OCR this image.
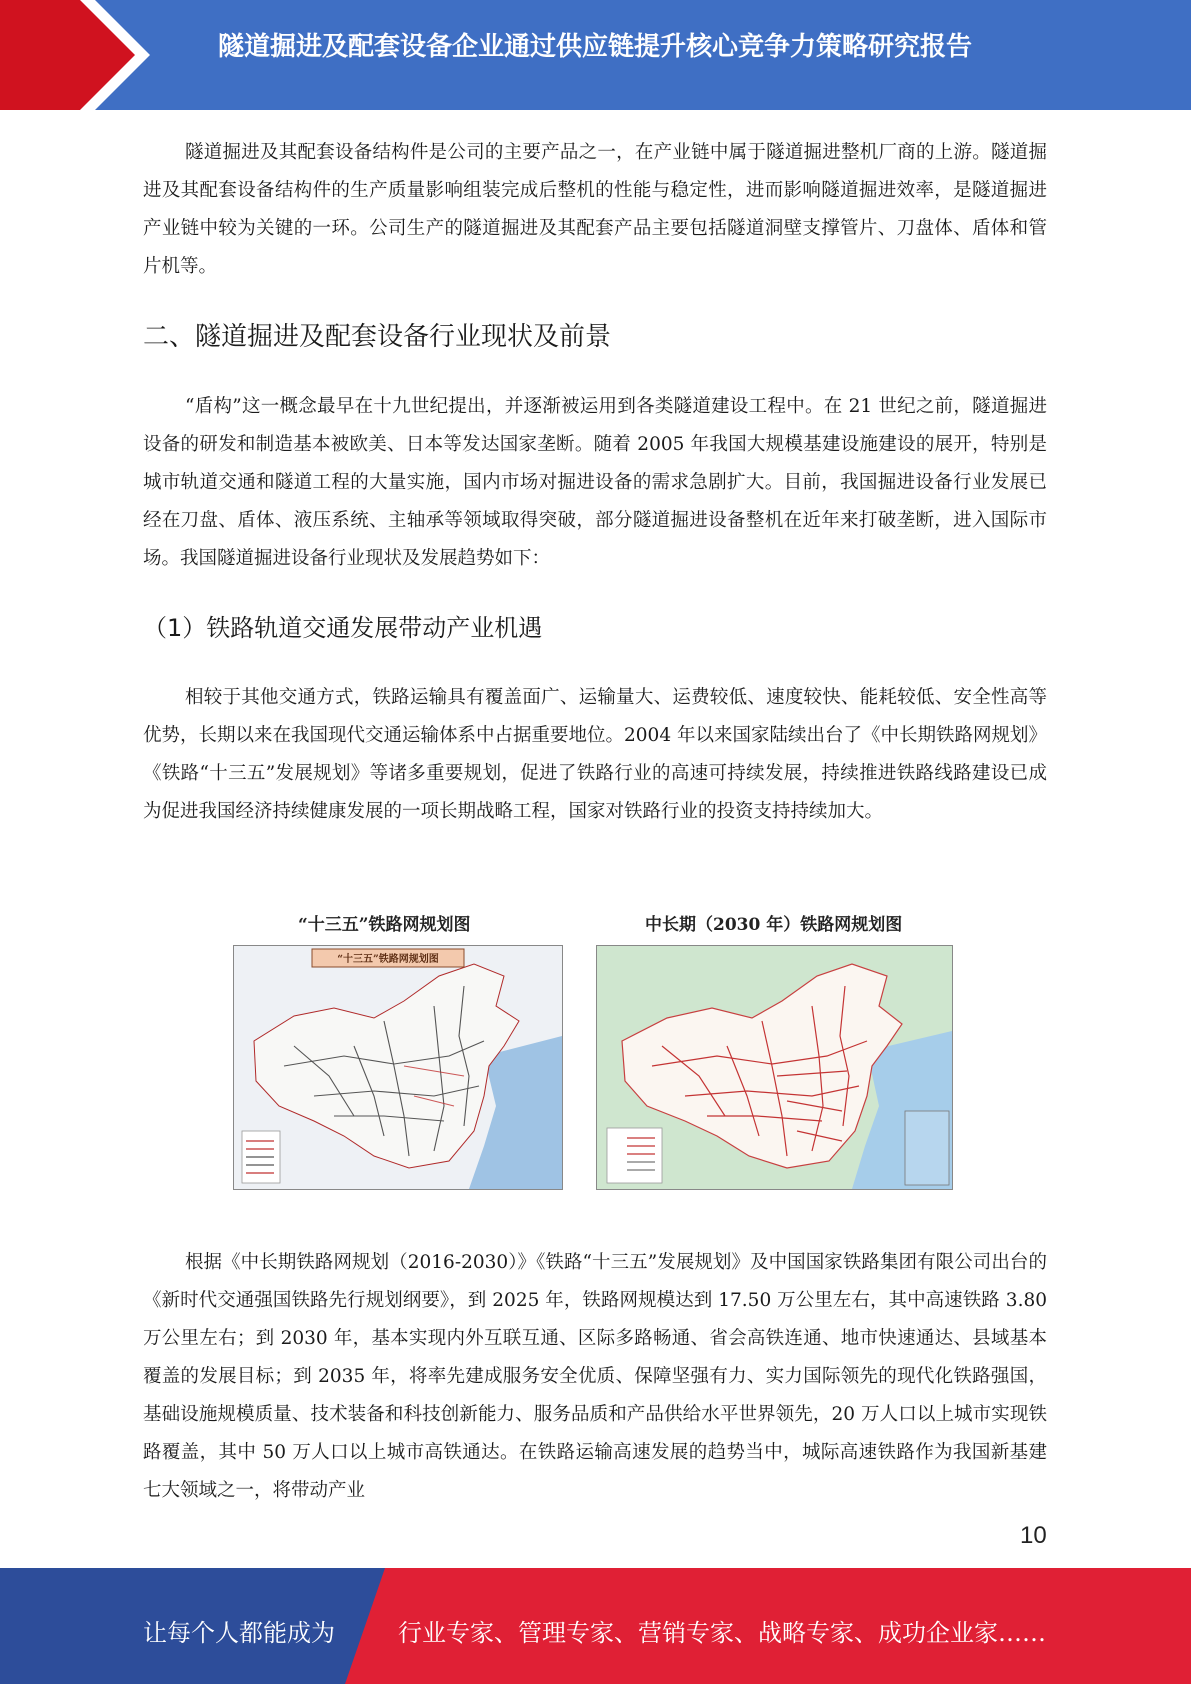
隧道掘进及配套设备企业通过供应链提升核心竞争力策略研究报告

隧道掘进及其配套设备结构件是公司的主要产品之一，在产业链中属于隧道掘进整机厂商的上游。隧道掘进及其配套设备结构件的生产质量影响组装完成后整机的性能与稳定性，进而影响隧道掘进效率，是隧道掘进产业链中较为关键的一环。公司生产的隧道掘进及其配套产品主要包括隧道洞壁支撑管片、刀盘体、盾体和管片机等。

二、隧道掘进及配套设备行业现状及前景

“盾构”这一概念最早在十九世纪提出，并逐渐被运用到各类隧道建设工程中。在 21 世纪之前，隧道掘进设备的研发和制造基本被欧美、日本等发达国家垄断。随着 2005 年我国大规模基建设施建设的展开，特别是城市轨道交通和隧道工程的大量实施，国内市场对掘进设备的需求急剧扩大。目前，我国掘进设备行业发展已经在刀盘、盾体、液压系统、主轴承等领域取得突破，部分隧道掘进设备整机在近年来打破垄断，进入国际市场。我国隧道掘进设备行业现状及发展趋势如下：

（1）铁路轨道交通发展带动产业机遇

相较于其他交通方式，铁路运输具有覆盖面广、运输量大、运费较低、速度较快、能耗较低、安全性高等优势，长期以来在我国现代交通运输体系中占据重要地位。2004 年以来国家陆续出台了《中长期铁路网规划》《铁路“十三五”发展规划》等诸多重要规划，促进了铁路行业的高速可持续发展，持续推进铁路线路建设已成为促进我国经济持续健康发展的一项长期战略工程，国家对铁路行业的投资支持持续加大。

“十三五”铁路网规划图	中长期（2030 年）铁路网规划图
“十三五”铁路网规划图

根据《中长期铁路网规划（2016-2030）》《铁路“十三五”发展规划》及中国国家铁路集团有限公司出台的《新时代交通强国铁路先行规划纲要》，到 2025 年，铁路网规模达到 17.50 万公里左右，其中高速铁路 3.80 万公里左右；到 2030 年，基本实现内外互联互通、区际多路畅通、省会高铁连通、地市快速通达、县域基本覆盖的发展目标；到 2035 年，将率先建成服务安全优质、保障坚强有力、实力国际领先的现代化铁路强国，基础设施规模质量、技术装备和科技创新能力、服务品质和产品供给水平世界领先，20 万人口以上城市实现铁路覆盖，其中 50 万人口以上城市高铁通达。在铁路运输高速发展的趋势当中，城际高速铁路作为我国新基建七大领域之一，将带动产业

10
让每个人都能成为	行业专家、管理专家、营销专家、战略专家、成功企业家……
